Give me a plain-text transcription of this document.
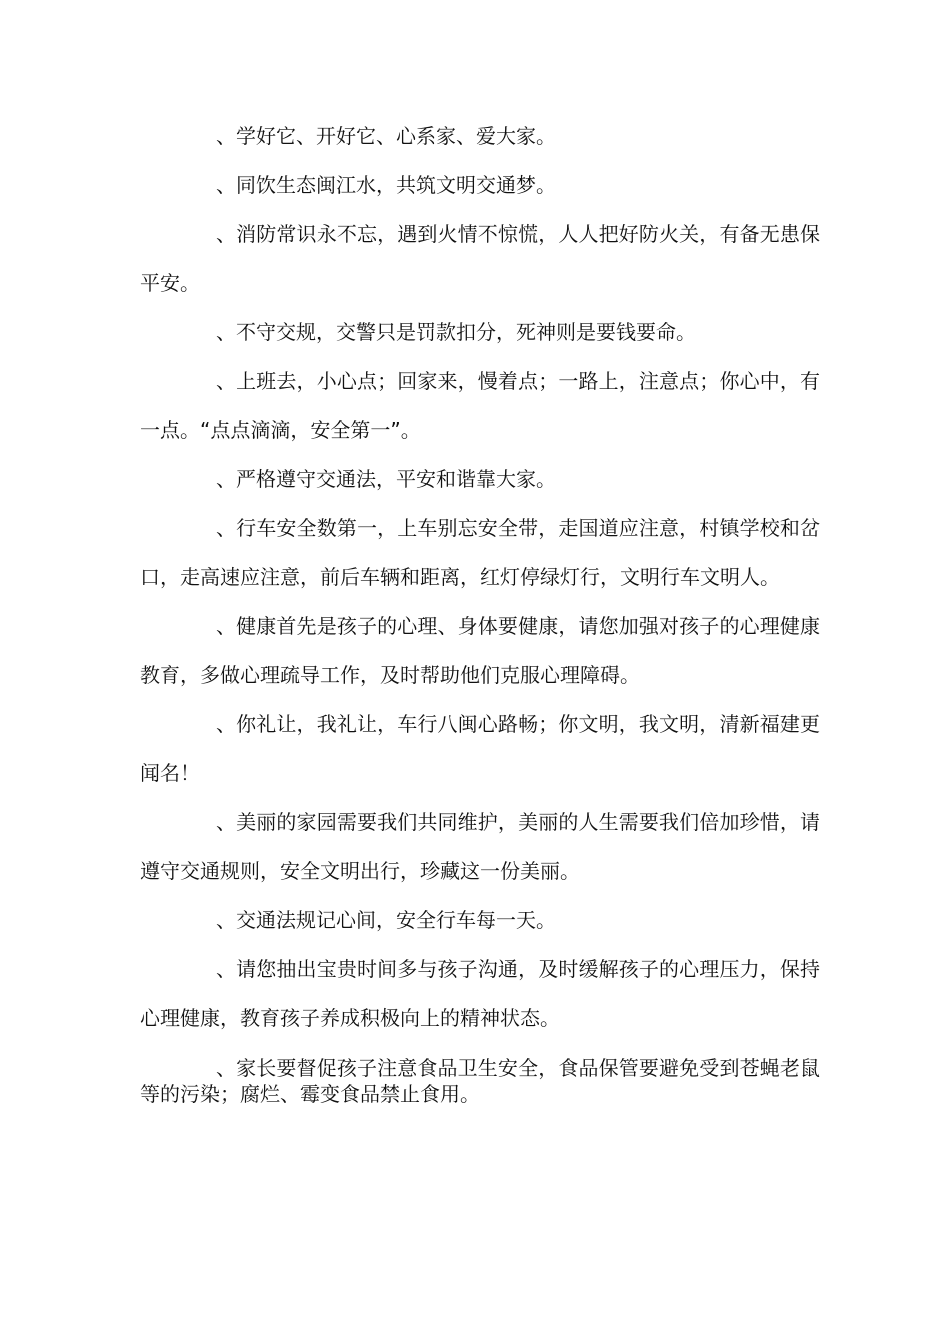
、学好它、开好它、心系家、爱大家。

、同饮生态闽江水，共筑文明交通梦。

、消防常识永不忘，遇到火情不惊慌，人人把好防火关，有备无患保平安。

、不守交规，交警只是罚款扣分，死神则是要钱要命。

、上班去，小心点；回家来，慢着点；一路上，注意点；你心中，有一点。“点点滴滴，安全第一”。

、严格遵守交通法，平安和谐靠大家。

、行车安全数第一，上车别忘安全带，走国道应注意，村镇学校和岔口，走高速应注意，前后车辆和距离，红灯停绿灯行，文明行车文明人。

、健康首先是孩子的心理、身体要健康，请您加强对孩子的心理健康教育，多做心理疏导工作，及时帮助他们克服心理障碍。

、你礼让，我礼让，车行八闽心路畅；你文明，我文明，清新福建更闻名！

、美丽的家园需要我们共同维护，美丽的人生需要我们倍加珍惜，请遵守交通规则，安全文明出行，珍藏这一份美丽。

、交通法规记心间，安全行车每一天。

、请您抽出宝贵时间多与孩子沟通，及时缓解孩子的心理压力，保持心理健康，教育孩子养成积极向上的精神状态。

、家长要督促孩子注意食品卫生安全，食品保管要避免受到苍蝇老鼠等的污染；腐烂、霉变食品禁止食用。
